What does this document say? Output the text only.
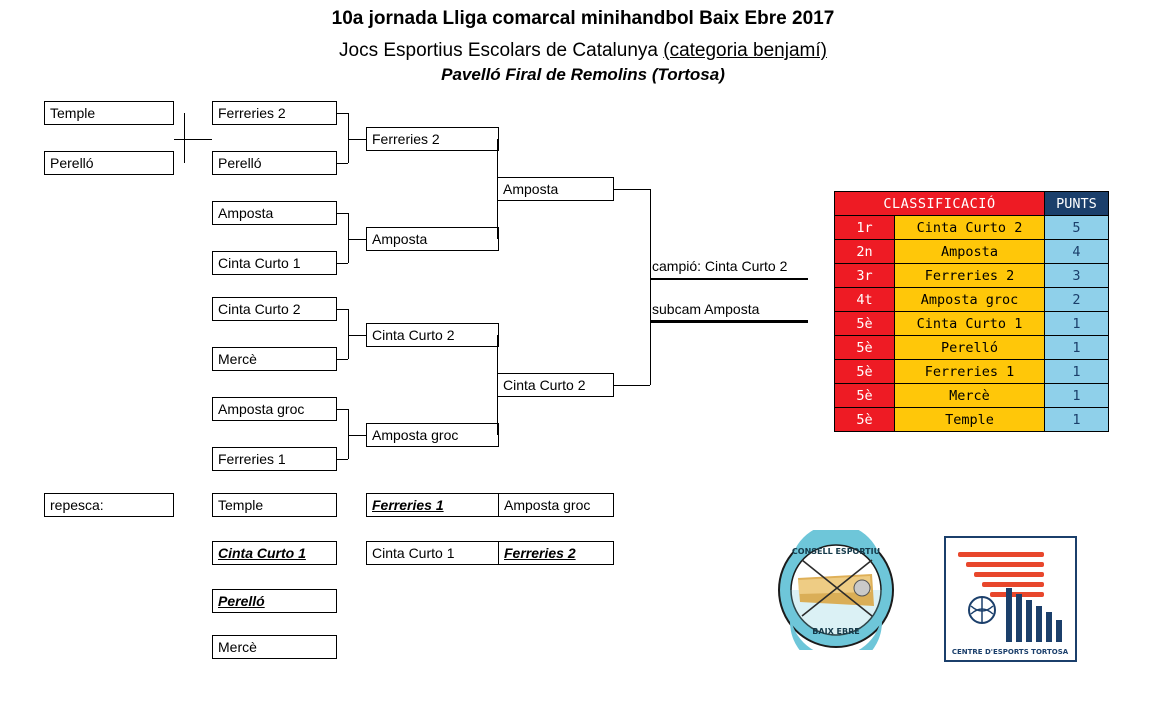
10a jornada Lliga comarcal minihandbol Baix Ebre 2017
Jocs Esportius Escolars de Catalunya (categoria benjamí)
Pavelló Firal de Remolins (Tortosa)
Temple
Perelló
Ferreries 2
Perelló
Amposta
Cinta Curto 1
Cinta Curto 2
Mercè
Amposta groc
Ferreries 1
Ferreries 2
Amposta
Cinta Curto 2
Amposta groc
Amposta
Cinta Curto 2
campió: Cinta Curto 2
subcam Amposta
repesca:	Temple
Cinta Curto 1
Perelló
Mercè
Ferreries 1	Amposta groc
Cinta Curto 1	Ferreries 2
CLASSIFICACIÓ		PUNTS
1r	Cinta Curto 2	5
2n	Amposta	4
3r	Ferreries 2	3
4t	Amposta groc	2
5è	Cinta Curto 1	1
5è	Perelló	1
5è	Ferreries 1	1
5è	Mercè	1
5è	Temple	1
CONSELL ESPORTIU
BAIX EBRE
CENTRE D'ESPORTS TORTOSA
